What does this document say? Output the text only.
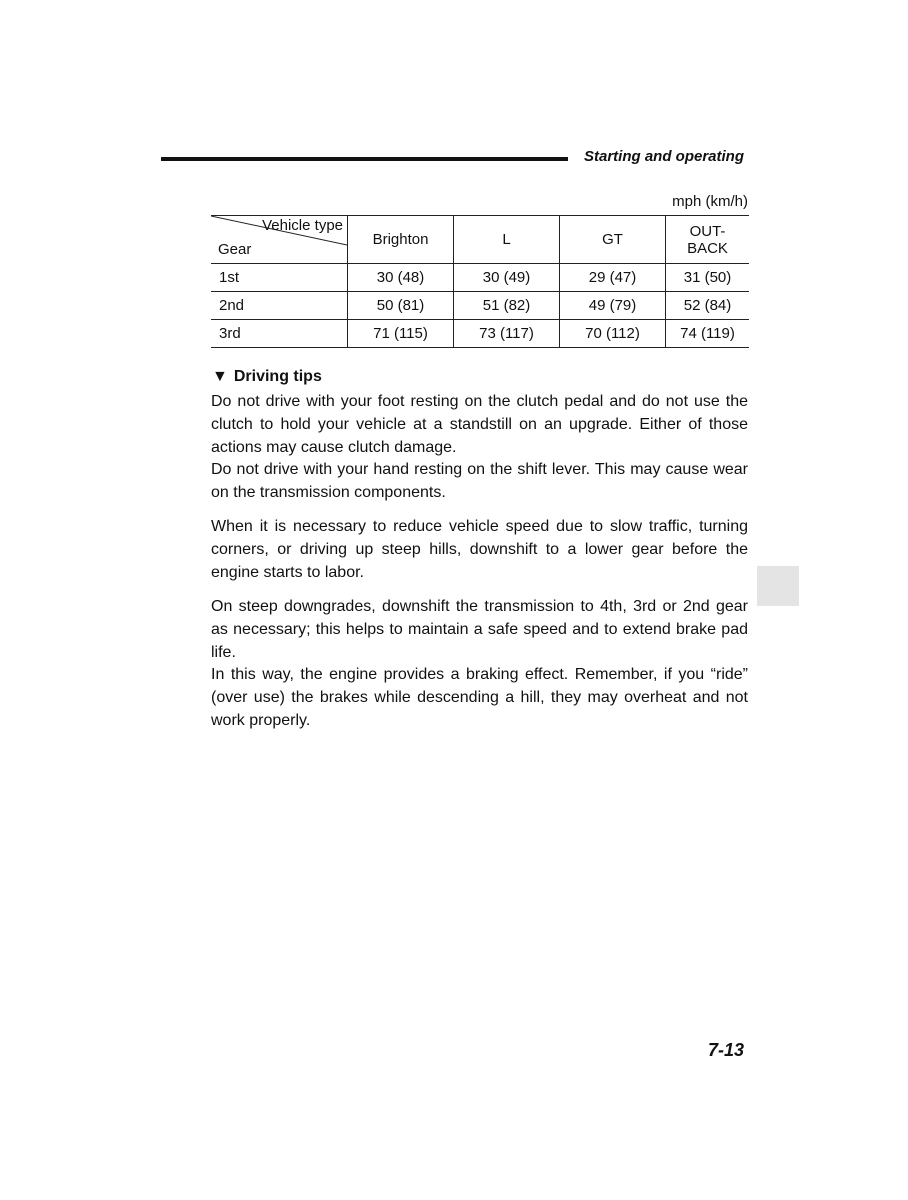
Starting and operating
mph (km/h)
Vehicle type
Gear	Brighton	L	GT	OUT-
BACK

1st	30 (48)	30 (49)	29 (47)	31 (50)
2nd	50 (81)	51 (82)	49 (79)	52 (84)
3rd	71 (115)	73 (117)	70 (112)	74 (119)
▼ Driving tips

Do not drive with your foot resting on the clutch pedal and do not use the clutch to hold your vehicle at a standstill on an upgrade. Either of those actions may cause clutch damage.

Do not drive with your hand resting on the shift lever. This may cause wear on the transmission components.

When it is necessary to reduce vehicle speed due to slow traffic, turning corners, or driving up steep hills, downshift to a lower gear before the engine starts to labor.

On steep downgrades, downshift the transmission to 4th, 3rd or 2nd gear as necessary; this helps to maintain a safe speed and to extend brake pad life.

In this way, the engine provides a braking effect. Remember, if you “ride” (over use) the brakes while descending a hill, they may overheat and not work properly.

7-13
